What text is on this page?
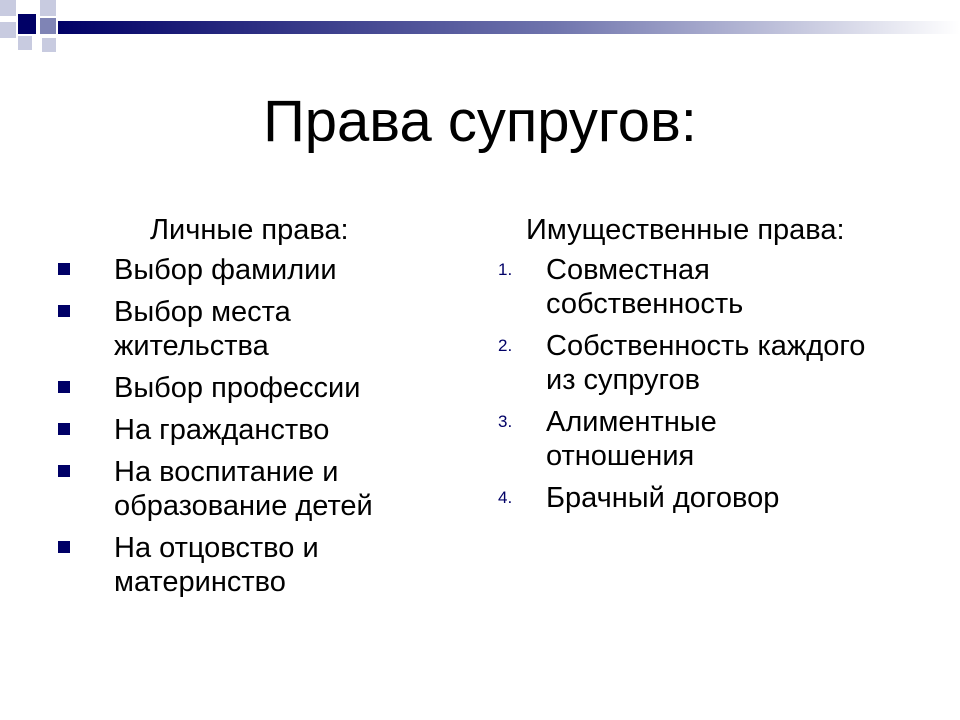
Права супругов:
Личные права:
Выбор фамилии
Выбор места
жительства
Выбор профессии
На гражданство
На воспитание и
образование детей
На отцовство и
материнство
Имущественные права:
1. Совместная
собственность
2. Собственность каждого
из супругов
3. Алиментные
отношения
4. Брачный договор
